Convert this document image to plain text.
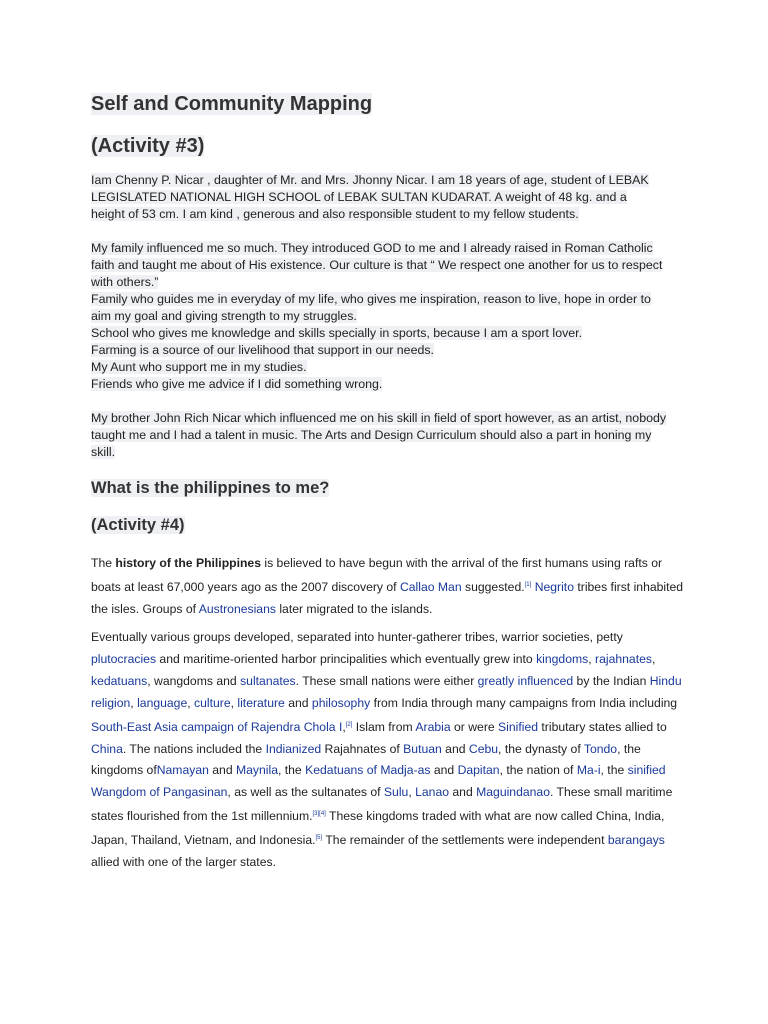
Self and Community Mapping
(Activity #3)

Iam Chenny P. Nicar , daughter of Mr. and Mrs. Jhonny Nicar. I am 18 years of age, student of LEBAK

LEGISLATED NATIONAL HIGH SCHOOL of LEBAK SULTAN KUDARAT. A weight of 48 kg. and a

height of 53 cm. I am kind , generous and also responsible student to my fellow students.

My family influenced me so much. They introduced GOD to me and I already raised in Roman Catholic

faith and taught me about of His existence. Our culture is that “ We respect one another for us to respect

with others.”

Family who guides me in everyday of my life, who gives me inspiration, reason to live, hope in order to

aim my goal and giving strength to my struggles.

School who gives me knowledge and skills specially in sports, because I am a sport lover.

Farming is a source of our livelihood that support in our needs.

My Aunt who support me in my studies.

Friends who give me advice if I did something wrong.

My brother John Rich Nicar which influenced me on his skill in field of sport however, as an artist, nobody

taught me and I had a talent in music. The Arts and Design Curriculum should also a part in honing my

skill.

What is the philippines to me?
(Activity #4)

The history of the Philippines is believed to have begun with the arrival of the first humans using rafts or boats at least 67,000 years ago as the 2007 discovery of Callao Man suggested.[1] Negrito tribes first inhabited the isles. Groups of Austronesians later migrated to the islands.

Eventually various groups developed, separated into hunter-gatherer tribes, warrior societies, petty plutocracies and maritime-oriented harbor principalities which eventually grew into kingdoms, rajahnates, kedatuans, wangdoms and sultanates. These small nations were either greatly influenced by the Indian Hindu religion, language, culture, literature and philosophy from India through many campaigns from India including South-East Asia campaign of Rajendra Chola I,[2] Islam from Arabia or were Sinified tributary states allied to China. The nations included the Indianized Rajahnates of Butuan and Cebu, the dynasty of Tondo, the kingdoms ofNamayan and Maynila, the Kedatuans of Madja-as and Dapitan, the nation of Ma-i, the sinified Wangdom of Pangasinan, as well as the sultanates of Sulu, Lanao and Maguindanao. These small maritime states flourished from the 1st millennium.[3][4] These kingdoms traded with what are now called China, India, Japan, Thailand, Vietnam, and Indonesia.[5] The remainder of the settlements were independent barangays allied with one of the larger states.
